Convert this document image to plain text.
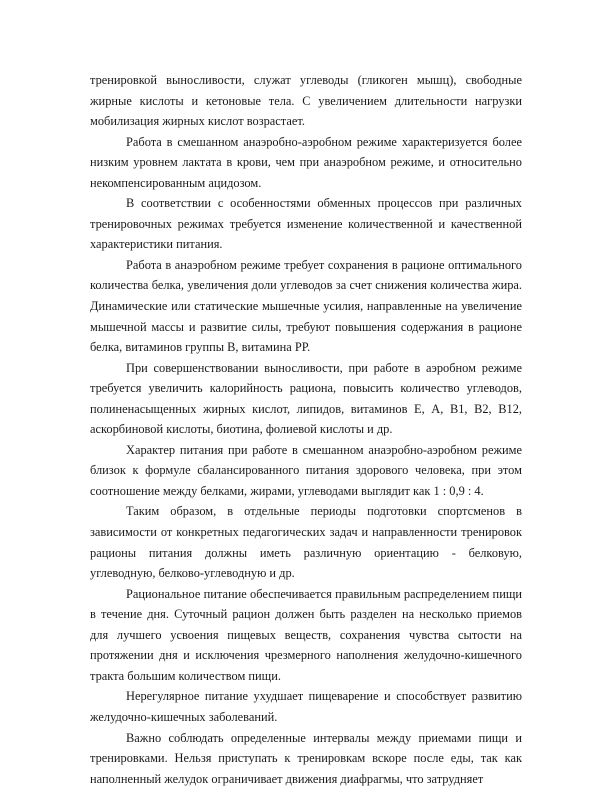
тренировкой выносливости, служат углеводы (гликоген мышц), свободные жирные кислоты и кетоновые тела. С увеличением длительности нагрузки мобилизация жирных кислот возрастает.

Работа в смешанном анаэробно-аэробном режиме характеризуется более низким уровнем лактата в крови, чем при анаэробном режиме, и относительно некомпенсированным ацидозом.

В соответствии с особенностями обменных процессов при различных тренировочных режимах требуется изменение количественной и качественной характеристики питания.

Работа в анаэробном режиме требует сохранения в рационе оптимального количества белка, увеличения доли углеводов за счет снижения количества жира. Динамические или статические мышечные усилия, направленные на увеличение мышечной массы и развитие силы, требуют повышения содержания в рационе белка, витаминов группы В, витамина РР.

При совершенствовании выносливости, при работе в аэробном режиме требуется увеличить калорийность рациона, повысить количество углеводов, полиненасыщенных жирных кислот, липидов, витаминов Е, А, В1, В2, В12, аскорбиновой кислоты, биотина, фолиевой кислоты и др.

Характер питания при работе в смешанном анаэробно-аэробном режиме близок к формуле сбалансированного питания здорового человека, при этом соотношение между белками, жирами, углеводами выглядит как 1 : 0,9 : 4.

Таким образом, в отдельные периоды подготовки спортсменов в зависимости от конкретных педагогических задач и направленности тренировок рационы питания должны иметь различную ориентацию - белковую, углеводную, белково-углеводную и др.

Рациональное питание обеспечивается правильным распределением пищи в течение дня. Суточный рацион должен быть разделен на несколько приемов для лучшего усвоения пищевых веществ, сохранения чувства сытости на протяжении дня и исключения чрезмерного наполнения желудочно-кишечного тракта большим количеством пищи.

Нерегулярное питание ухудшает пищеварение и способствует развитию желудочно-кишечных заболеваний.

Важно соблюдать определенные интервалы между приемами пищи и тренировками. Нельзя приступать к тренировкам вскоре после еды, так как наполненный желудок ограничивает движения диафрагмы, что затрудняет
